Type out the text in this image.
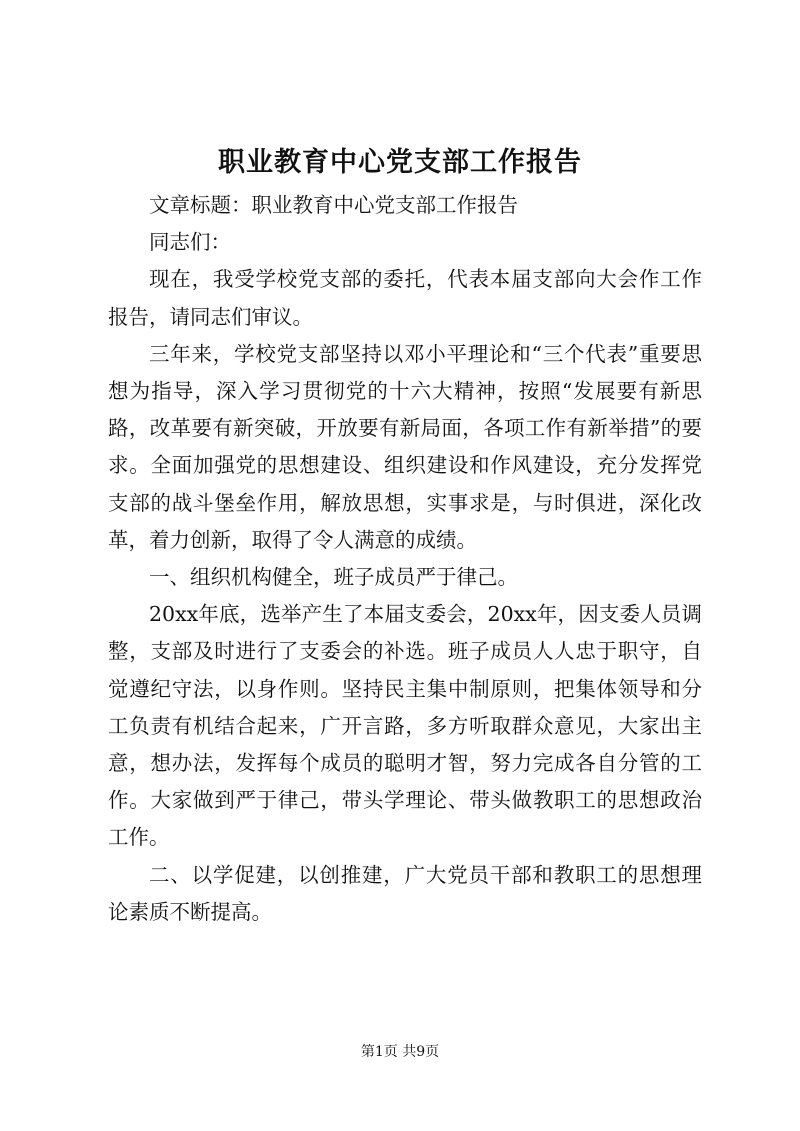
职业教育中心党支部工作报告

文章标题：职业教育中心党支部工作报告

同志们：

现在，我受学校党支部的委托，代表本届支部向大会作工作报告，请同志们审议。

三年来，学校党支部坚持以邓小平理论和“三个代表”重要思想为指导，深入学习贯彻党的十六大精神，按照“发展要有新思路，改革要有新突破，开放要有新局面，各项工作有新举措”的要求。全面加强党的思想建设、组织建设和作风建设，充分发挥党支部的战斗堡垒作用，解放思想，实事求是，与时俱进，深化改革，着力创新，取得了令人满意的成绩。

一、组织机构健全，班子成员严于律己。

20xx年底，选举产生了本届支委会，20xx年，因支委人员调整，支部及时进行了支委会的补选。班子成员人人忠于职守，自觉遵纪守法，以身作则。坚持民主集中制原则，把集体领导和分工负责有机结合起来，广开言路，多方听取群众意见，大家出主意，想办法，发挥每个成员的聪明才智，努力完成各自分管的工作。大家做到严于律己，带头学理论、带头做教职工的思想政治工作。

二、以学促建，以创推建，广大党员干部和教职工的思想理论素质不断提高。

第1页 共9页
